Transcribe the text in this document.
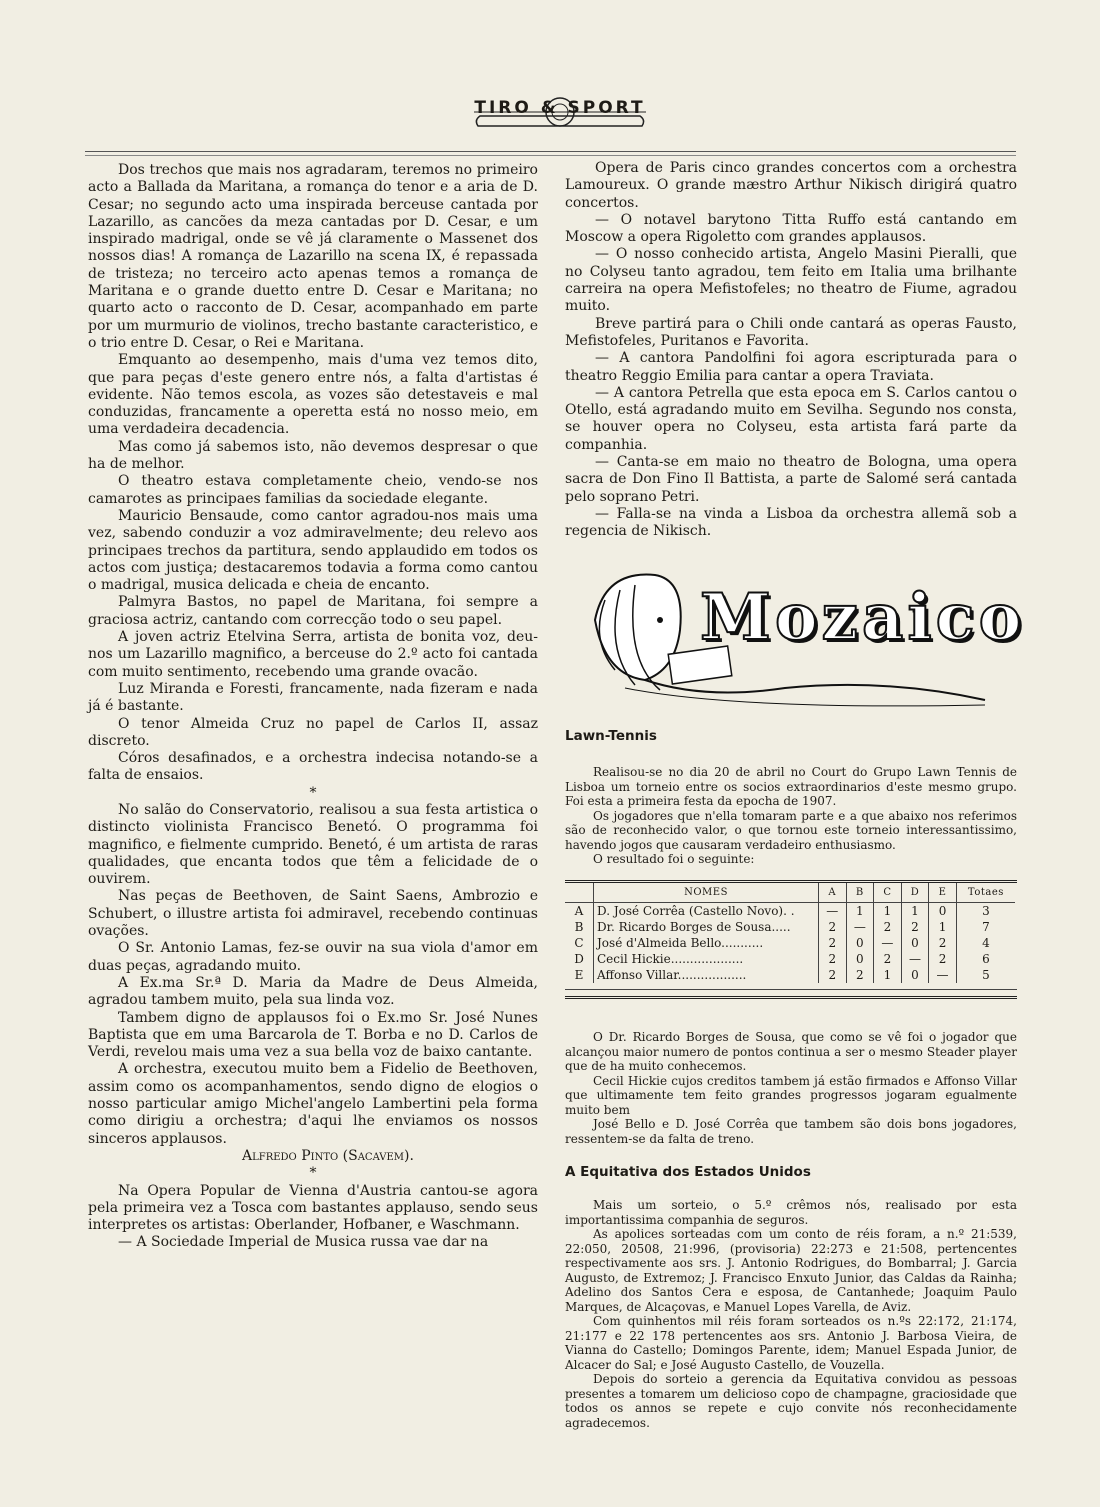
TIRO & SPORT

Dos trechos que mais nos agradaram, teremos no primeiro acto a Ballada da Maritana, a romança do tenor e a aria de D. Cesar; no segundo acto uma inspirada berceuse cantada por Lazarillo, as cancões da meza cantadas por D. Cesar, e um inspirado madrigal, onde se vê já claramente o Massenet dos nossos dias! A romança de Lazarillo na scena IX, é repassada de tristeza; no terceiro acto apenas temos a romança de Maritana e o grande duetto entre D. Cesar e Maritana; no quarto acto o racconto de D. Cesar, acompanhado em parte por um murmurio de violinos, trecho bastante caracteristico, e o trio entre D. Cesar, o Rei e Maritana.

Emquanto ao desempenho, mais d'uma vez temos dito, que para peças d'este genero entre nós, a falta d'artistas é evidente. Não temos escola, as vozes são detestaveis e mal conduzidas, francamente a operetta está no nosso meio, em uma verdadeira decadencia.

Mas como já sabemos isto, não devemos despresar o que ha de melhor.

O theatro estava completamente cheio, vendo-se nos camarotes as principaes familias da sociedade elegante.

Mauricio Bensaude, como cantor agradou-nos mais uma vez, sabendo conduzir a voz admiravelmente; deu relevo aos principaes trechos da partitura, sendo applaudido em todos os actos com justiça; destacaremos todavia a forma como cantou o madrigal, musica delicada e cheia de encanto.

Palmyra Bastos, no papel de Maritana, foi sempre a graciosa actriz, cantando com correcção todo o seu papel.

A joven actriz Etelvina Serra, artista de bonita voz, deu-nos um Lazarillo magnifico, a berceuse do 2.º acto foi cantada com muito sentimento, recebendo uma grande ovacão.

Luz Miranda e Foresti, francamente, nada fizeram e nada já é bastante.

O tenor Almeida Cruz no papel de Carlos II, assaz discreto.

Córos desafinados, e a orchestra indecisa notando-se a falta de ensaios.

*

No salão do Conservatorio, realisou a sua festa artistica o distincto violinista Francisco Benetó. O programma foi magnifico, e fielmente cumprido. Benetó, é um artista de raras qualidades, que encanta todos que têm a felicidade de o ouvirem.

Nas peças de Beethoven, de Saint Saens, Ambrozio e Schubert, o illustre artista foi admiravel, recebendo continuas ovações.

O Sr. Antonio Lamas, fez-se ouvir na sua viola d'amor em duas peças, agradando muito.

A Ex.ma Sr.ª D. Maria da Madre de Deus Almeida, agradou tambem muito, pela sua linda voz.

Tambem digno de applausos foi o Ex.mo Sr. José Nunes Baptista que em uma Barcarola de T. Borba e no D. Carlos de Verdi, revelou mais uma vez a sua bella voz de baixo cantante.

A orchestra, executou muito bem a Fidelio de Beethoven, assim como os acompanhamentos, sendo digno de elogios o nosso particular amigo Michel'angelo Lambertini pela forma como dirigiu a orchestra; d'aqui lhe enviamos os nossos sinceros applausos.

Alfredo Pinto (Sacavem).

*

Na Opera Popular de Vienna d'Austria cantou-se agora pela primeira vez a Tosca com bastantes applauso, sendo seus interpretes os artistas: Oberlander, Hofbaner, e Waschmann.

— A Sociedade Imperial de Musica russa vae dar na

Opera de Paris cinco grandes concertos com a orchestra Lamoureux. O grande mæstro Arthur Nikisch dirigirá quatro concertos.

— O notavel barytono Titta Ruffo está cantando em Moscow a opera Rigoletto com grandes applausos.

— O nosso conhecido artista, Angelo Masini Pieralli, que no Colyseu tanto agradou, tem feito em Italia uma brilhante carreira na opera Mefistofeles; no theatro de Fiume, agradou muito.

Breve partirá para o Chili onde cantará as operas Fausto, Mefistofeles, Puritanos e Favorita.

— A cantora Pandolfini foi agora escripturada para o theatro Reggio Emilia para cantar a opera Traviata.

— A cantora Petrella que esta epoca em S. Carlos cantou o Otello, está agradando muito em Sevilha. Segundo nos consta, se houver opera no Colyseu, esta artista fará parte da companhia.

— Canta-se em maio no theatro de Bologna, uma opera sacra de Don Fino Il Battista, a parte de Salomé será cantada pelo soprano Petri.

— Falla-se na vinda a Lisboa da orchestra allemã sob a regencia de Nikisch.

Mozaico
Lawn-Tennis

Realisou-se no dia 20 de abril no Court do Grupo Lawn Tennis de Lisboa um torneio entre os socios extraordinarios d'este mesmo grupo. Foi esta a primeira festa da epocha de 1907.

Os jogadores que n'ella tomaram parte e a que abaixo nos referimos são de reconhecido valor, o que tornou este torneio interessantissimo, havendo jogos que causaram verdadeiro enthusiasmo.

O resultado foi o seguinte:

	NOMES	A	B	C	D	E	Totaes
A	D. José Corrêa (Castello Novo). .	—	1	1	1	0	3
B	Dr. Ricardo Borges de Sousa.....	2	—	2	2	1	7
C	José d'Almeida Bello...........	2	0	—	0	2	4
D	Cecil Hickie...................	2	0	2	—	2	6
E	Affonso Villar..................	2	2	1	0	—	5

O Dr. Ricardo Borges de Sousa, que como se vê foi o jogador que alcançou maior numero de pontos continua a ser o mesmo Steader player que de ha muito conhecemos.

Cecil Hickie cujos creditos tambem já estão firmados e Affonso Villar que ultimamente tem feito grandes progressos jogaram egualmente muito bem

José Bello e D. José Corrêa que tambem são dois bons jogadores, ressentem-se da falta de treno.

A Equitativa dos Estados Unidos

Mais um sorteio, o 5.º crêmos nós, realisado por esta importantissima companhia de seguros.

As apolices sorteadas com um conto de réis foram, a n.º 21:539, 22:050, 20508, 21:996, (provisoria) 22:273 e 21:508, pertencentes respectivamente aos srs. J. Antonio Rodrigues, do Bombarral; J. Garcia Augusto, de Extremoz; J. Francisco Enxuto Junior, das Caldas da Rainha; Adelino dos Santos Cera e esposa, de Cantanhede; Joaquim Paulo Marques, de Alcaçovas, e Manuel Lopes Varella, de Aviz.

Com quinhentos mil réis foram sorteados os n.ºs 22:172, 21:174, 21:177 e 22 178 pertencentes aos srs. Antonio J. Barbosa Vieira, de Vianna do Castello; Domingos Parente, idem; Manuel Espada Junior, de Alcacer do Sal; e José Augusto Castello, de Vouzella.

Depois do sorteio a gerencia da Equitativa convidou as pessoas presentes a tomarem um delicioso copo de champagne, graciosidade que todos os annos se repete e cujo convite nós reconhecidamente agradecemos.
